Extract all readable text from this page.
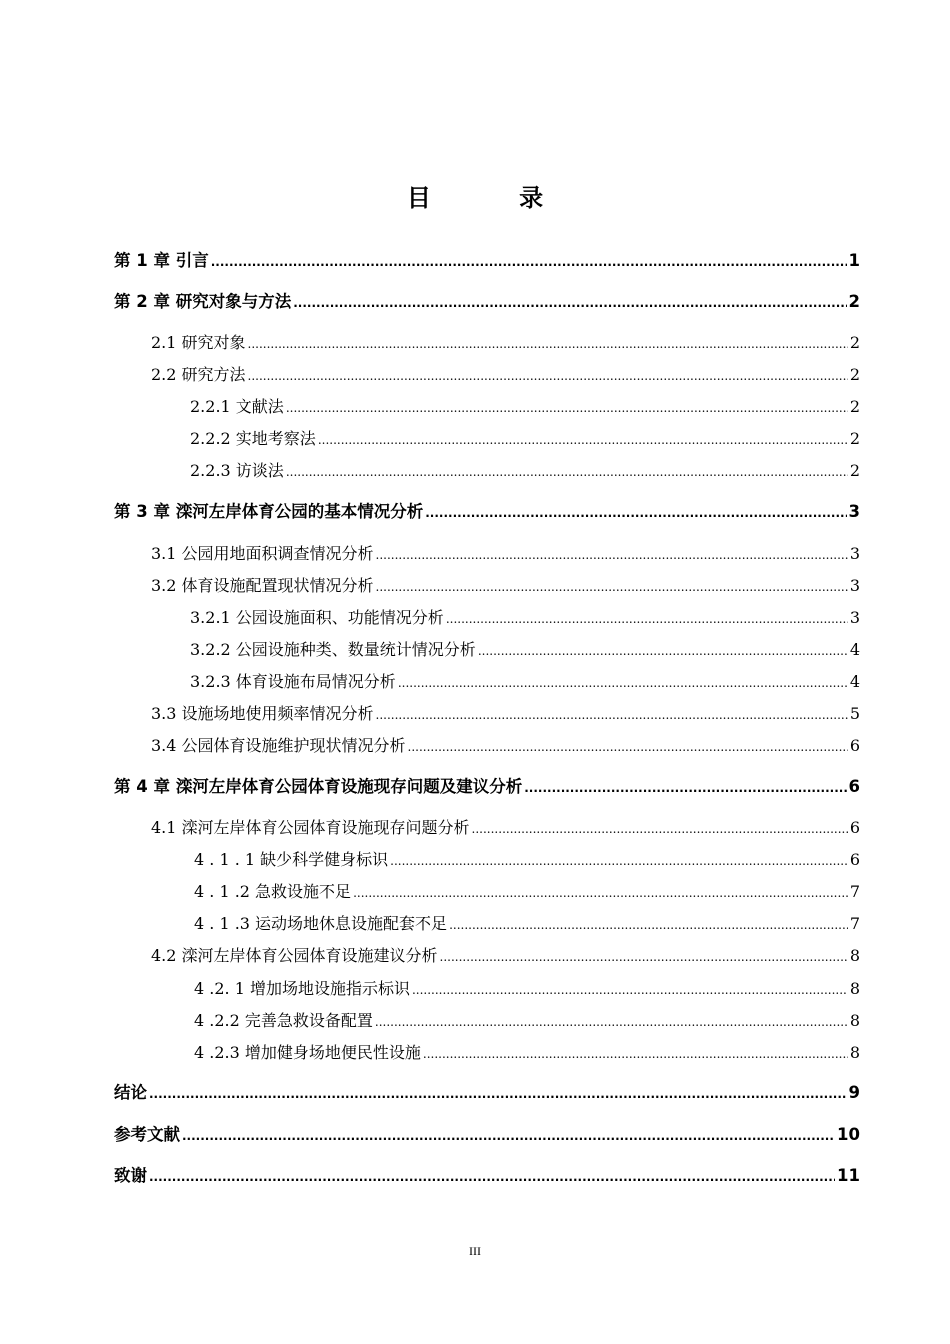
目 录
第 1 章 引言 .....	1
第 2 章 研究对象与方法 .....	2
2.1 研究对象 .....	2
2.2 研究方法 .....	2
2.2.1 文献法 .....	2
2.2.2 实地考察法 .....	2
2.2.3 访谈法 .....	2
第 3 章 滦河左岸体育公园的基本情况分析 .....	3
3.1 公园用地面积调查情况分析 .....	3
3.2 体育设施配置现状情况分析 .....	3
3.2.1 公园设施面积、功能情况分析 .....	3
3.2.2 公园设施种类、数量统计情况分析 .....	4
3.2.3 体育设施布局情况分析 .....	4
3.3 设施场地使用频率情况分析 .....	5
3.4 公园体育设施维护现状情况分析 .....	6
第 4 章 滦河左岸体育公园体育设施现存问题及建议分析 .....	6
4.1 滦河左岸体育公园体育设施现存问题分析 .....	6
4 . 1 . 1 缺少科学健身标识 .....	6
4 . 1 .2 急救设施不足 .....	7
4 . 1 .3 运动场地休息设施配套不足 .....	7
4.2 滦河左岸体育公园体育设施建议分析 .....	8
4 .2. 1 增加场地设施指示标识 .....	8
4 .2.2 完善急救设备配置 .....	8
4 .2.3 增加健身场地便民性设施 .....	8
结论 .....	9
参考文献 .....	10
致谢 .....	11
III
